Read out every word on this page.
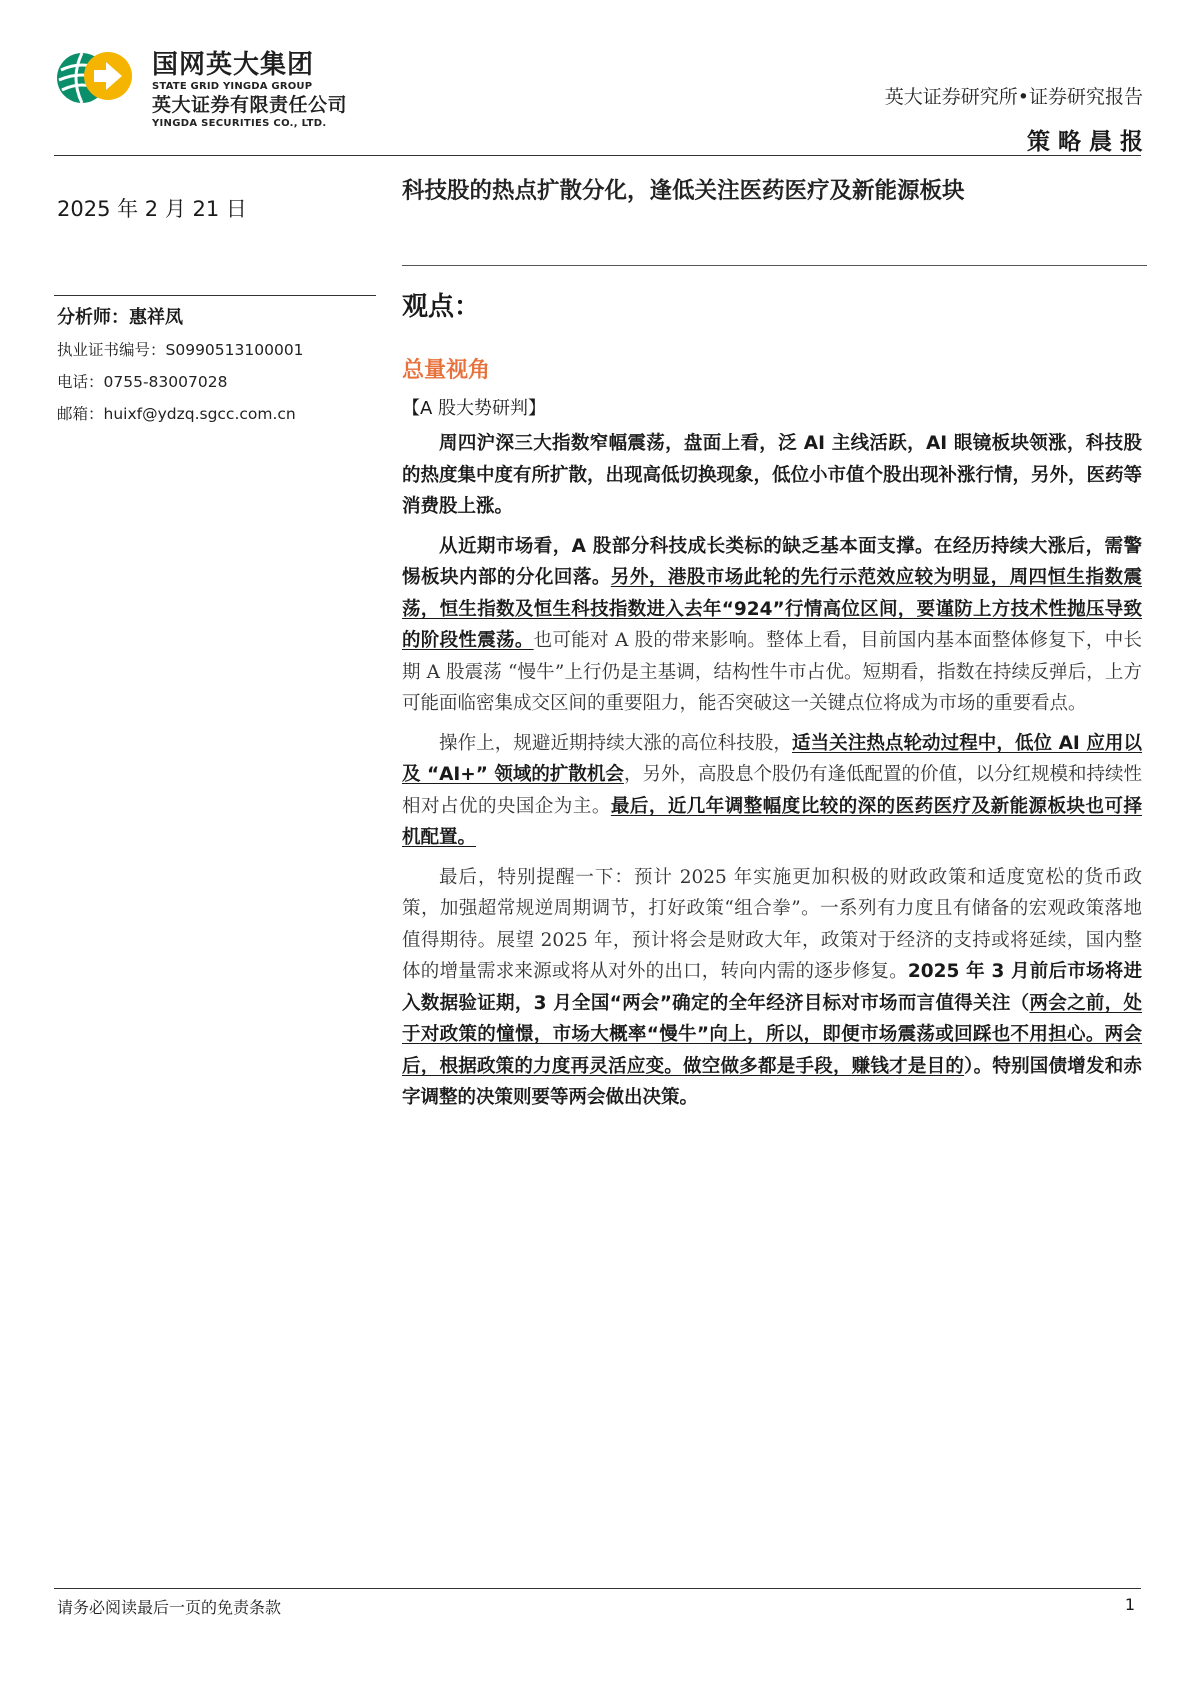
国网英大集团
STATE GRID YINGDA GROUP
英大证券有限责任公司
YINGDA SECURITIES CO., LTD.
英大证券研究所•证券研究报告
策略晨报
2025 年 2 月 21 日
分析师：惠祥凤
执业证书编号：S0990513100001
电话：0755-83007028
邮箱：huixf@ydzq.sgcc.com.cn
科技股的热点扩散分化，逢低关注医药医疗及新能源板块
观点：
总量视角
【A 股大势研判】

周四沪深三大指数窄幅震荡，盘面上看，泛 AI 主线活跃，AI 眼镜板块领涨，科技股的热度集中度有所扩散，出现高低切换现象，低位小市值个股出现补涨行情，另外，医药等消费股上涨。

从近期市场看，A 股部分科技成长类标的缺乏基本面支撑。在经历持续大涨后，需警惕板块内部的分化回落。另外，港股市场此轮的先行示范效应较为明显，周四恒生指数震荡，恒生指数及恒生科技指数进入去年“924”行情高位区间，要谨防上方技术性抛压导致的阶段性震荡。也可能对 A 股的带来影响。整体上看，目前国内基本面整体修复下，中长期 A 股震荡 “慢牛”上行仍是主基调，结构性牛市占优。短期看，指数在持续反弹后，上方可能面临密集成交区间的重要阻力，能否突破这一关键点位将成为市场的重要看点。

操作上，规避近期持续大涨的高位科技股，适当关注热点轮动过程中，低位 AI 应用以及 “AI+” 领域的扩散机会，另外，高股息个股仍有逢低配置的价值，以分红规模和持续性相对占优的央国企为主。最后，近几年调整幅度比较的深的医药医疗及新能源板块也可择机配置。

最后，特别提醒一下：预计 2025 年实施更加积极的财政政策和适度宽松的货币政策，加强超常规逆周期调节，打好政策“组合拳”。一系列有力度且有储备的宏观政策落地值得期待。展望 2025 年，预计将会是财政大年，政策对于经济的支持或将延续，国内整体的增量需求来源或将从对外的出口，转向内需的逐步修复。2025 年 3 月前后市场将进入数据验证期，3 月全国“两会”确定的全年经济目标对市场而言值得关注（两会之前，处于对政策的憧憬，市场大概率“慢牛”向上，所以，即便市场震荡或回踩也不用担心。两会后，根据政策的力度再灵活应变。做空做多都是手段，赚钱才是目的）。特别国债增发和赤字调整的决策则要等两会做出决策。

请务必阅读最后一页的免责条款	1
